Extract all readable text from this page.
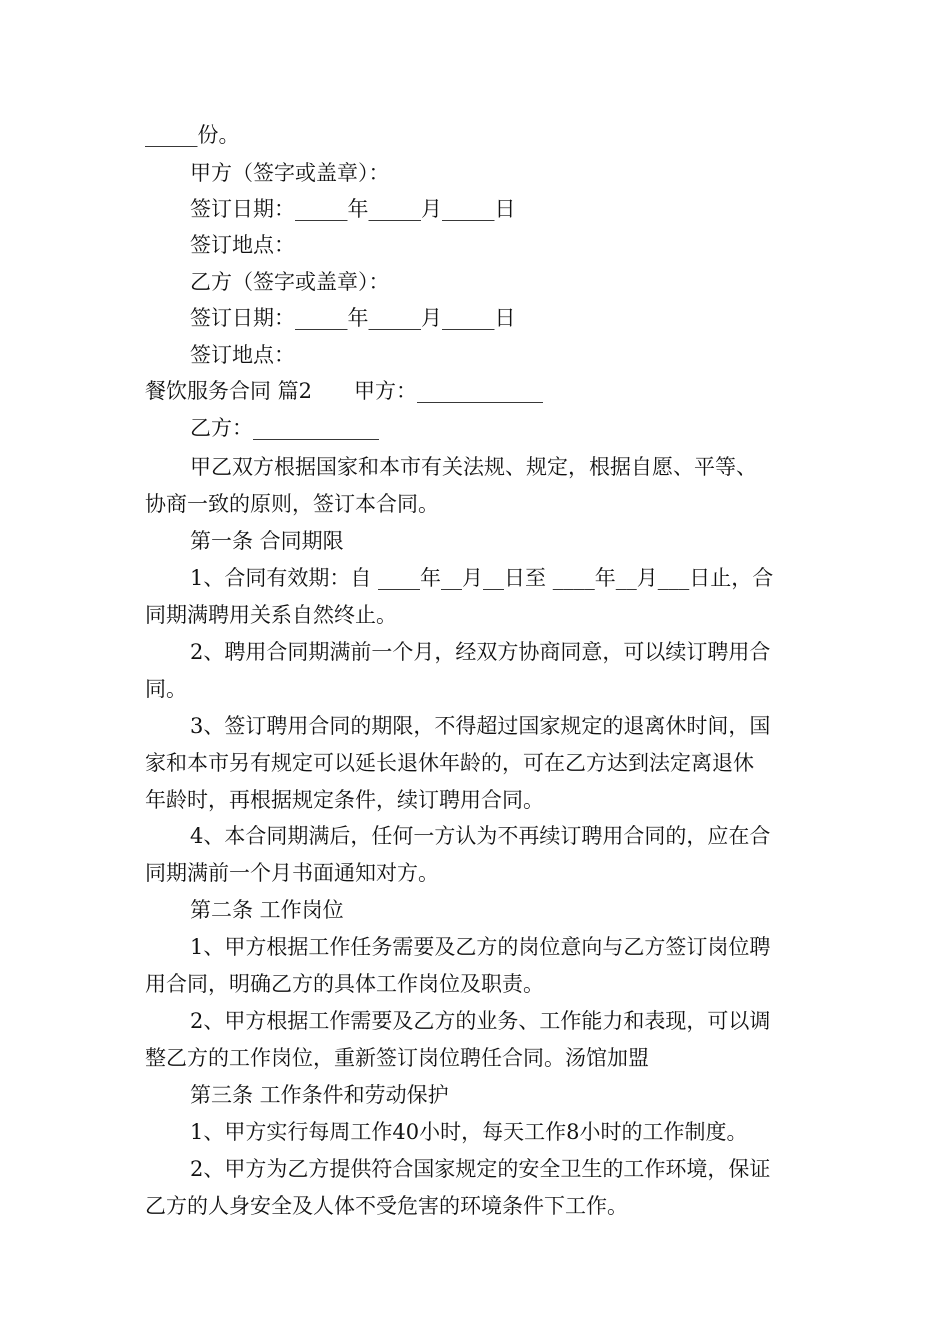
_____份。
甲方（签字或盖章）：
签订日期：_____年_____月_____日
签订地点：
乙方（签字或盖章）：
签订日期：_____年_____月_____日
签订地点：
餐饮服务合同 篇2 甲方：____________
乙方：____________
甲乙双方根据国家和本市有关法规、规定，根据自愿、平等、
协商一致的原则，签订本合同。
第一条 合同期限
1、合同有效期：自 ____年__月__日至 ____年__月___日止，合
同期满聘用关系自然终止。
2、聘用合同期满前一个月，经双方协商同意，可以续订聘用合
同。
3、签订聘用合同的期限，不得超过国家规定的退离休时间，国
家和本市另有规定可以延长退休年龄的，可在乙方达到法定离退休
年龄时，再根据规定条件，续订聘用合同。
4、本合同期满后，任何一方认为不再续订聘用合同的，应在合
同期满前一个月书面通知对方。
第二条 工作岗位
1、甲方根据工作任务需要及乙方的岗位意向与乙方签订岗位聘
用合同，明确乙方的具体工作岗位及职责。
2、甲方根据工作需要及乙方的业务、工作能力和表现，可以调
整乙方的工作岗位，重新签订岗位聘任合同。汤馆加盟
第三条 工作条件和劳动保护
1、甲方实行每周工作40小时，每天工作8小时的工作制度。
2、甲方为乙方提供符合国家规定的安全卫生的工作环境，保证
乙方的人身安全及人体不受危害的环境条件下工作。
